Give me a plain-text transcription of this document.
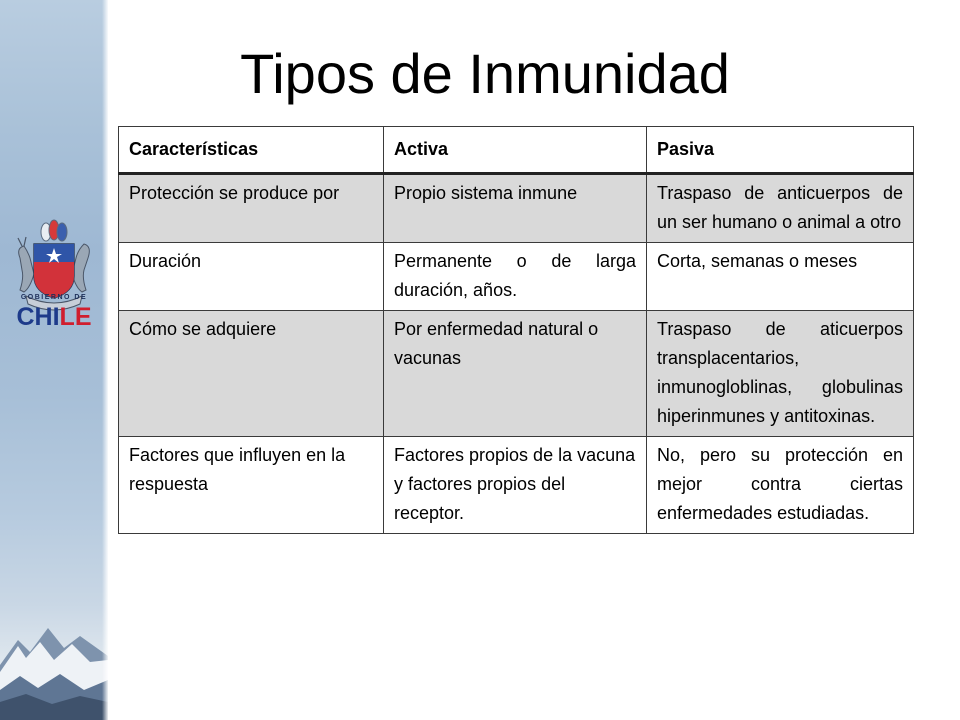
GOBIERNO DE
CHILE
Tipos de Inmunidad
Características	Activa	Pasiva
Protección se produce por	Propio sistema inmune	Traspaso de anticuerpos de un ser humano o animal a otro
Duración	Permanente o de larga duración, años.	Corta, semanas o meses
Cómo se adquiere	Por enfermedad natural o vacunas	Traspaso de aticuerpos transplacentarios, inmunogloblinas, globulinas hiperinmunes y antitoxinas.
Factores que influyen en la respuesta	Factores propios de la vacuna y factores propios del receptor.	No, pero su protección en mejor contra ciertas enfermedades estudiadas.
